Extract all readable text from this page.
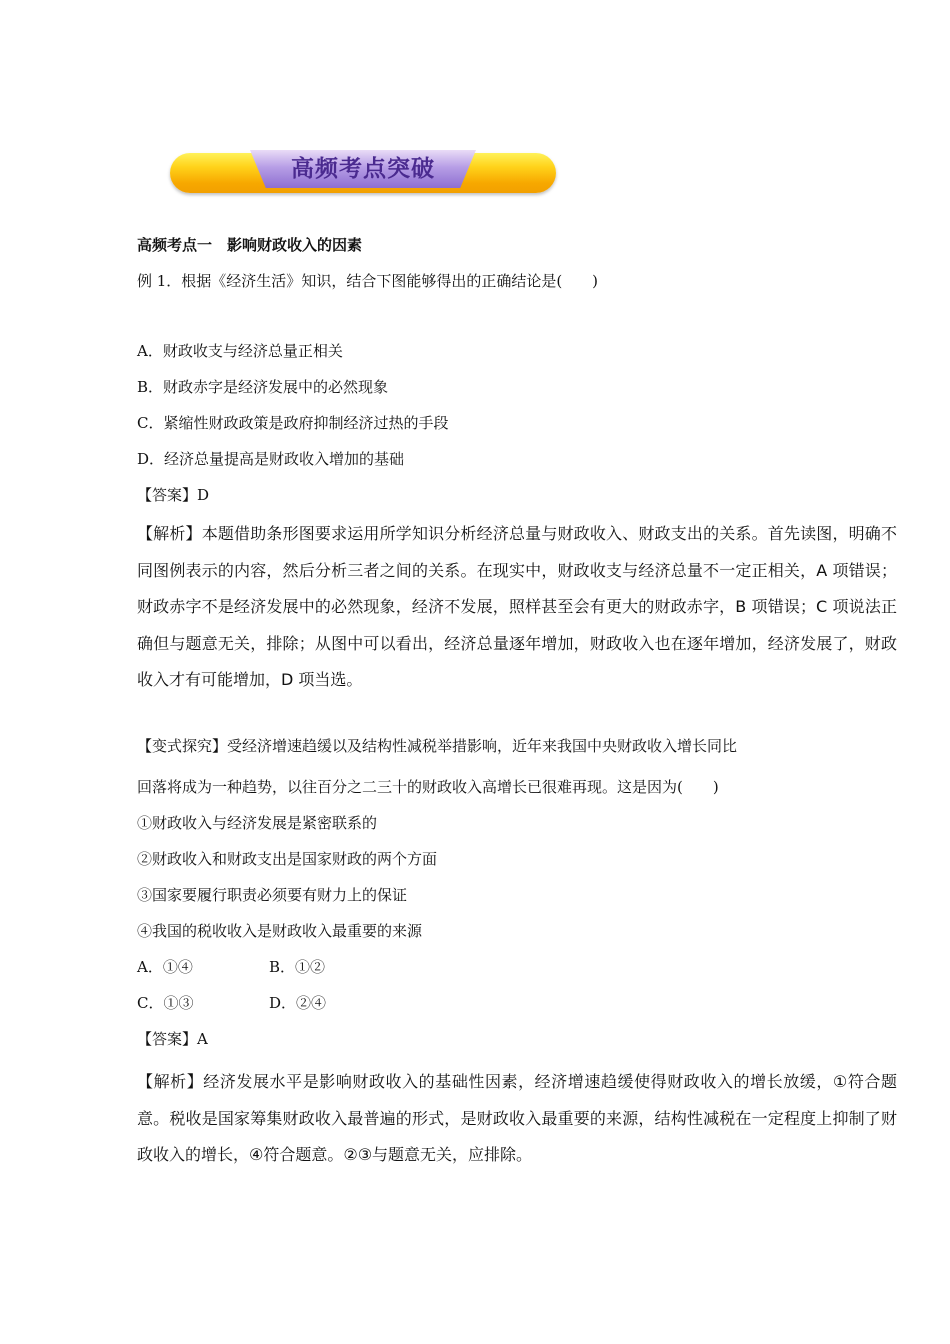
高频考点突破
高频考点一　影响财政收入的因素
例 1．根据《经济生活》知识，结合下图能够得出的正确结论是(　　)
A．财政收支与经济总量正相关
B．财政赤字是经济发展中的必然现象
C．紧缩性财政政策是政府抑制经济过热的手段
D．经济总量提高是财政收入增加的基础
【答案】D
【解析】本题借助条形图要求运用所学知识分析经济总量与财政收入、财政支出的关系。首先读图，明确不同图例表示的内容，然后分析三者之间的关系。在现实中，财政收支与经济总量不一定正相关，A 项错误；财政赤字不是经济发展中的必然现象，经济不发展，照样甚至会有更大的财政赤字，B 项错误；C 项说法正确但与题意无关，排除；从图中可以看出，经济总量逐年增加，财政收入也在逐年增加，经济发展了，财政收入才有可能增加，D 项当选。
【变式探究】受经济增速趋缓以及结构性减税举措影响，近年来我国中央财政收入增长同比
回落将成为一种趋势，以往百分之二三十的财政收入高增长已很难再现。这是因为(　　)
①财政收入与经济发展是紧密联系的
②财政收入和财政支出是国家财政的两个方面
③国家要履行职责必须要有财力上的保证
④我国的税收收入是财政收入最重要的来源
A．①④	B．①②
C．①③	D．②④
【答案】A
【解析】经济发展水平是影响财政收入的基础性因素，经济增速趋缓使得财政收入的增长放缓，①符合题意。税收是国家筹集财政收入最普遍的形式，是财政收入最重要的来源，结构性减税在一定程度上抑制了财政收入的增长，④符合题意。②③与题意无关，应排除。
